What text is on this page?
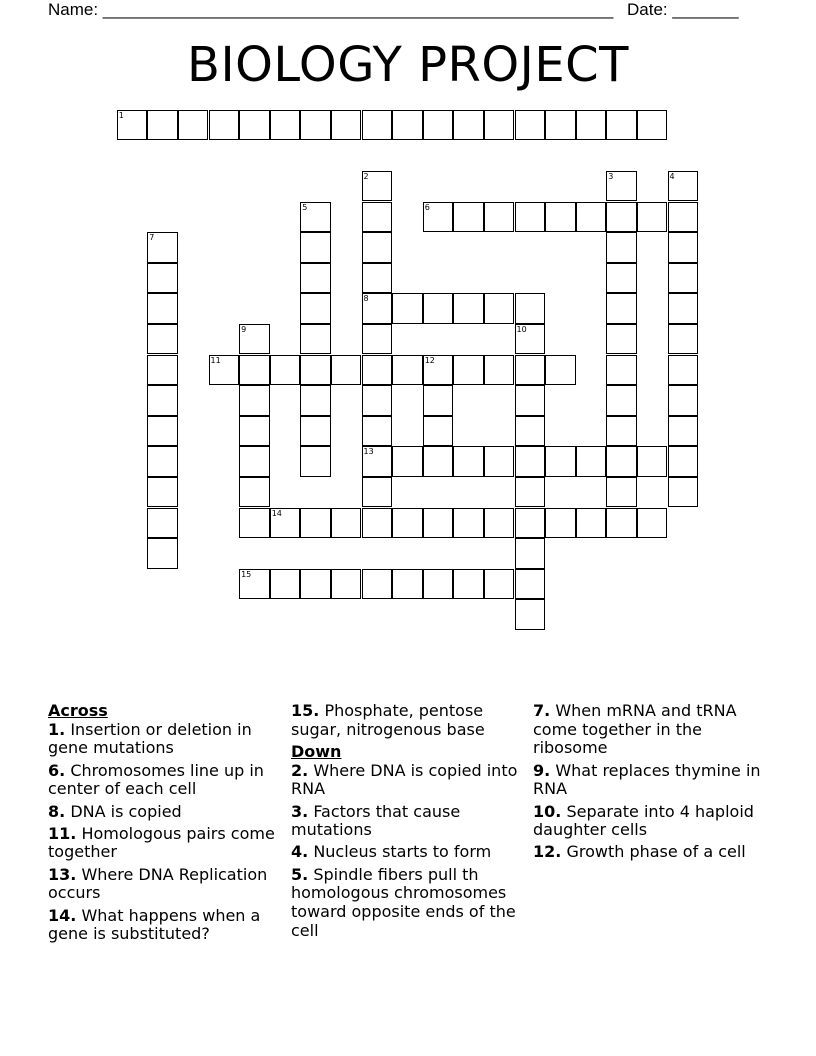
Name: ______________________________________________________ Date: _______
BIOLOGY PROJECT
1
2
8
13
3	4
5	6
7
9	10
11	12
14
15
Across
1. Insertion or deletion in gene mutations
6. Chromosomes line up in center of each cell
8. DNA is copied
11. Homologous pairs come together
13. Where DNA Replication occurs
14. What happens when a gene is substituted?
15. Phosphate, pentose sugar, nitrogenous base
Down
2. Where DNA is copied into RNA
3. Factors that cause mutations
4. Nucleus starts to form
5. Spindle fibers pull th homologous chromosomes toward opposite ends of the cell
7. When mRNA and tRNA come together in the ribosome
9. What replaces thymine in RNA
10. Separate into 4 haploid daughter cells
12. Growth phase of a cell
